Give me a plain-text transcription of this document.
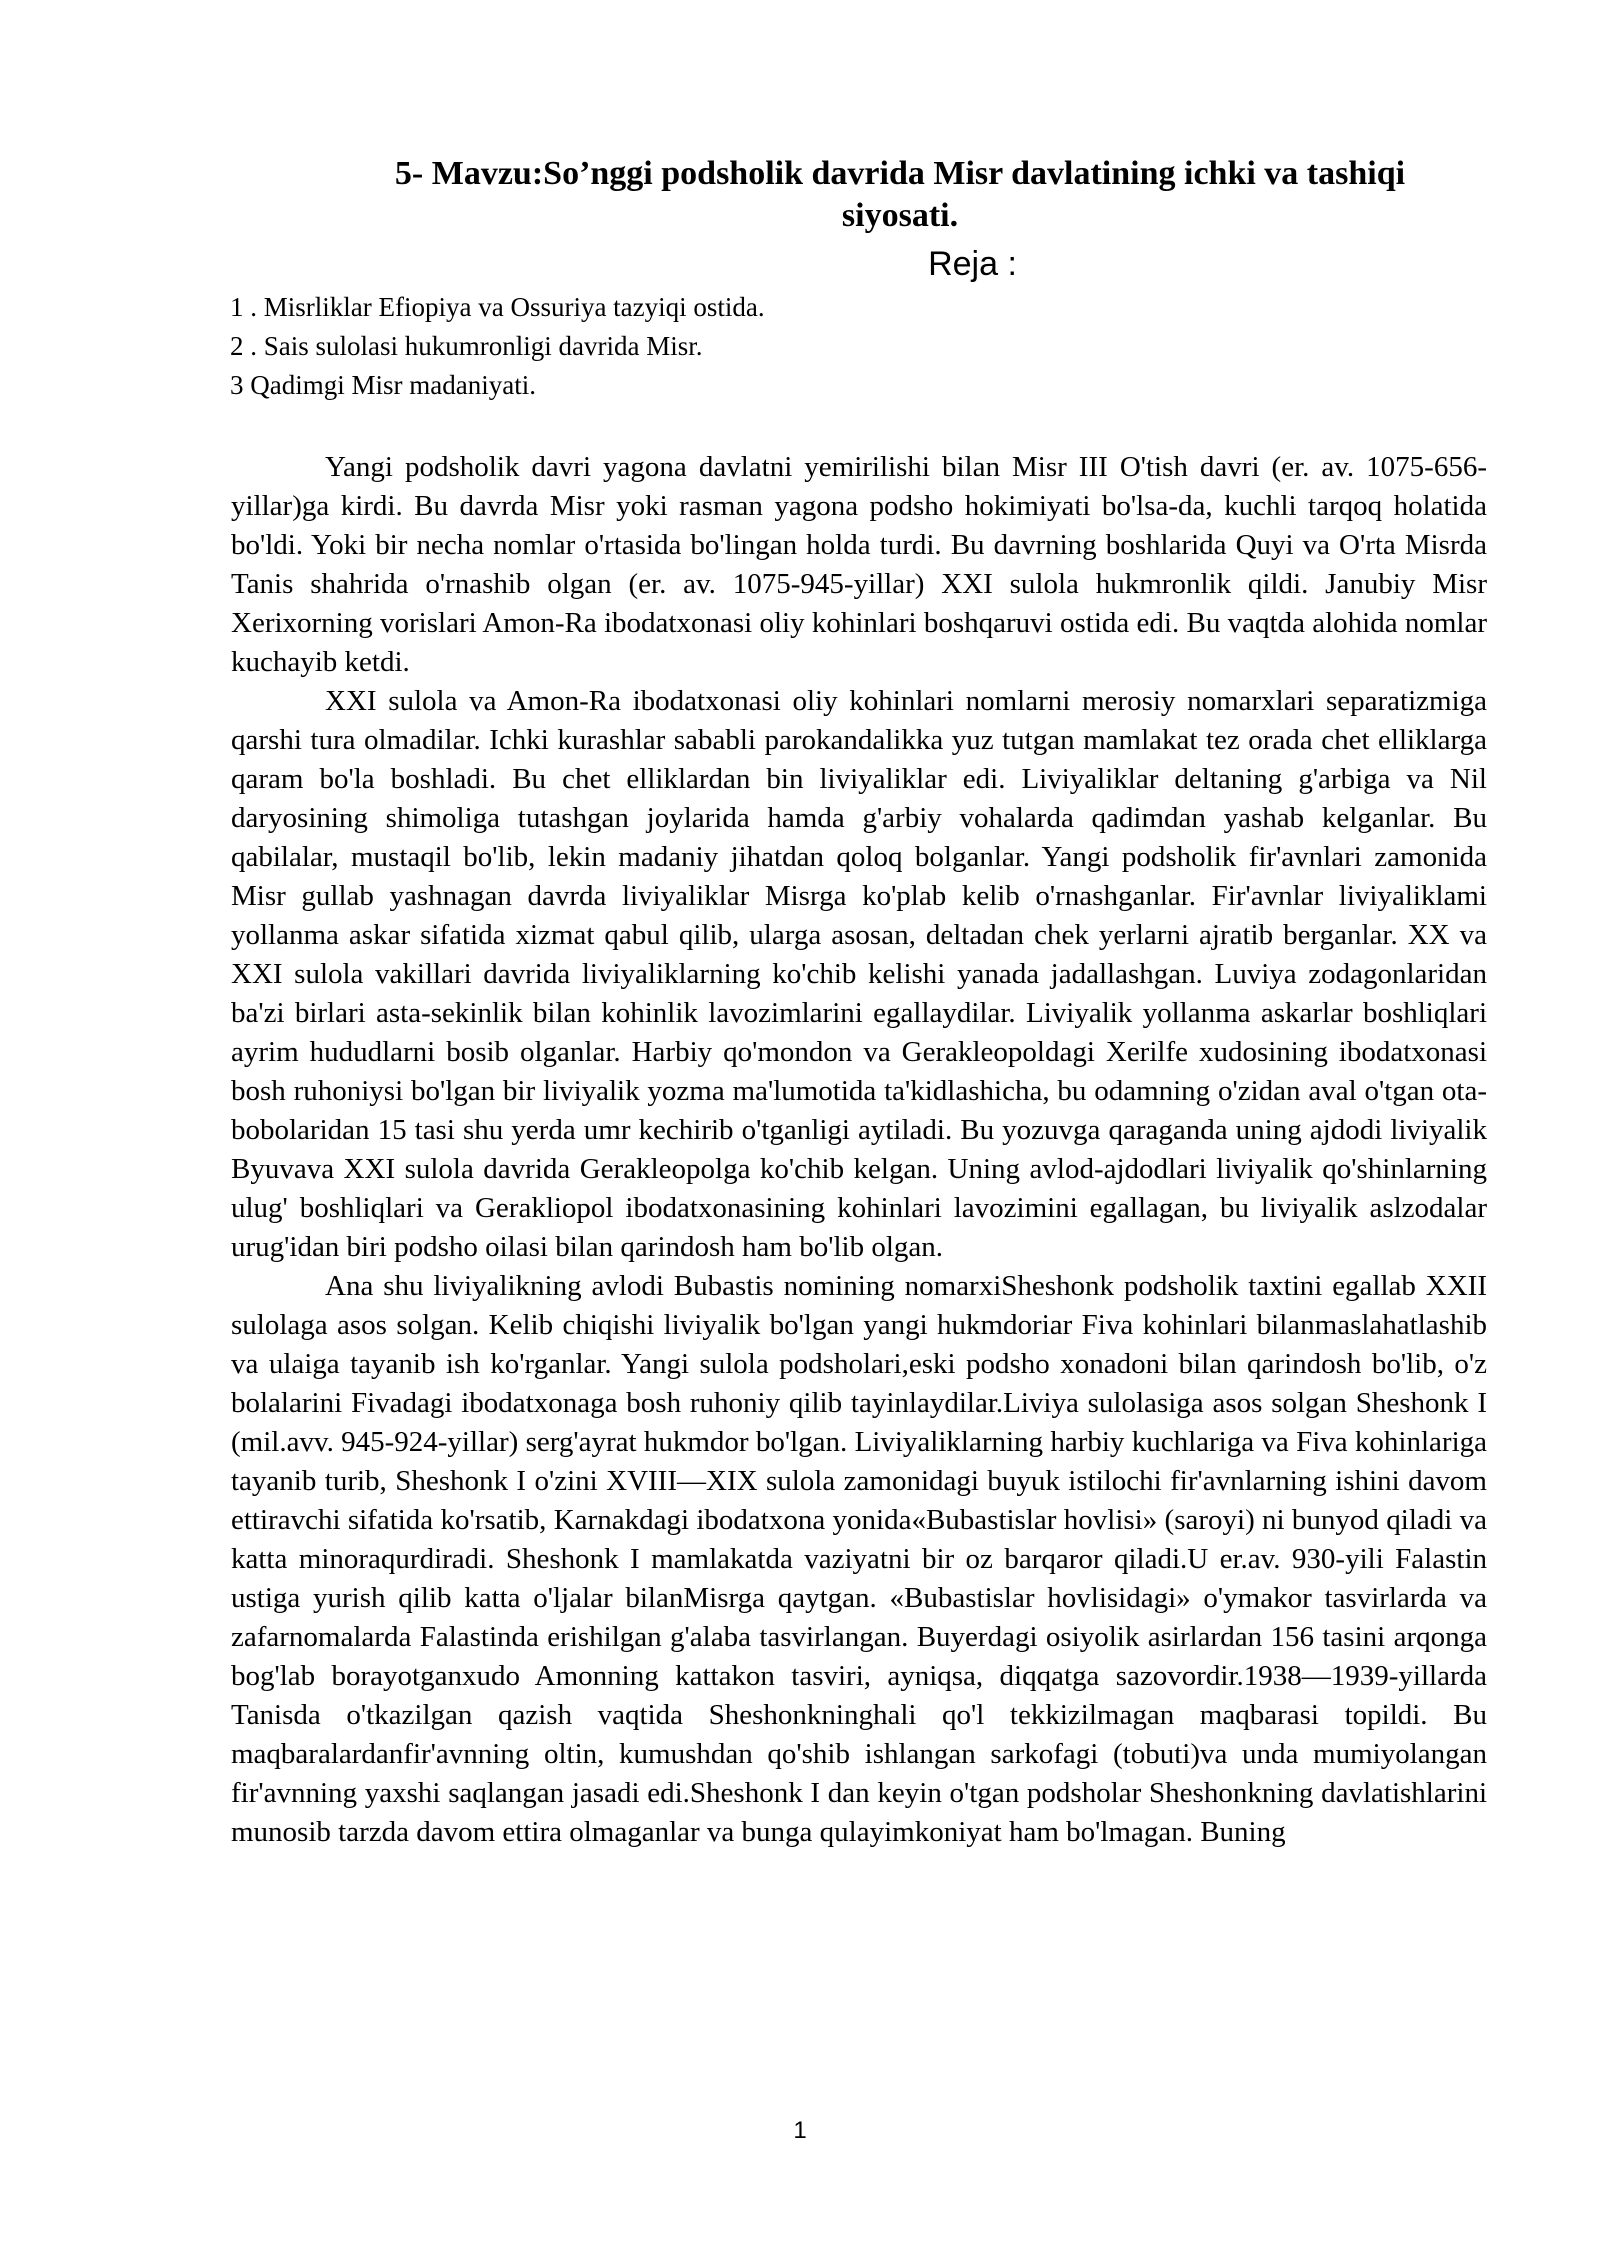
5- Mavzu:So’nggi podsholik davrida Misr davlatining ichki va tashiqi
siyosati.
Reja :
1 . Misrliklar Efiopiya va Ossuriya tazyiqi ostida.
2 . Sais sulolasi hukumronligi davrida Misr.
3 Qadimgi Misr madaniyati.

Yangi podsholik davri yagona davlatni yemirilishi bilan Misr III O'tish davri (er. av. 1075-656-yillar)ga kirdi. Bu davrda Misr yoki rasman yagona podsho hokimiyati bo'lsa-da, kuchli tarqoq holatida bo'ldi. Yoki bir necha nomlar o'rtasida bo'lingan holda turdi. Bu davrning boshlarida Quyi va O'rta Misrda Tanis shahrida o'rnashib olgan (er. av. 1075-945-yillar) XXI sulola hukmronlik qildi. Janubiy Misr Xerixorning vorislari Amon-Ra ibodatxonasi oliy kohinlari boshqaruvi ostida edi. Bu vaqtda alohida nomlar kuchayib ketdi.

XXI sulola va Amon-Ra ibodatxonasi oliy kohinlari nomlarni merosiy nomarxlari separatizmiga qarshi tura olmadilar. Ichki kurashlar sababli parokandalikka yuz tutgan mamlakat tez orada chet elliklarga qaram bo'la boshladi. Bu chet elliklardan bin liviyaliklar edi. Liviyaliklar deltaning g'arbiga va Nil daryosining shimoliga tutashgan joylarida hamda g'arbiy vohalarda qadimdan yashab kelganlar. Bu qabilalar, mustaqil bo'lib, lekin madaniy jihatdan qoloq bolganlar. Yangi podsholik fir'avnlari zamonida Misr gullab yashnagan davrda liviyaliklar Misrga ko'plab kelib o'rnashganlar. Fir'avnlar liviyaliklami yollanma askar sifatida xizmat qabul qilib, ularga asosan, deltadan chek yerlarni ajratib berganlar. XX va XXI sulola vakillari davrida liviyaliklarning ko'chib kelishi yanada jadallashgan. Luviya zodagonlaridan ba'zi birlari asta-sekinlik bilan kohinlik lavozimlarini egallaydilar. Liviyalik yollanma askarlar boshliqlari ayrim hududlarni bosib olganlar. Harbiy qo'mondon va Gerakleopoldagi Xerilfe xudosining ibodatxonasi bosh ruhoniysi bo'lgan bir liviyalik yozma ma'lumotida ta'kidlashicha, bu odamning o'zidan aval o'tgan ota-bobolaridan 15 tasi shu yerda umr kechirib o'tganligi aytiladi. Bu yozuvga qaraganda uning ajdodi liviyalik Byuvava XXI sulola davrida Gerakleopolga ko'chib kelgan. Uning avlod-ajdodlari liviyalik qo'shinlarning ulug' boshliqlari va Gerakliopol ibodatxonasining kohinlari lavozimini egallagan, bu liviyalik aslzodalar urug'idan biri podsho oilasi bilan qarindosh ham bo'lib olgan.

Ana shu liviyalikning avlodi Bubastis nomining nomarxiSheshonk podsholik taxtini egallab XXII sulolaga asos solgan. Kelib chiqishi liviyalik bo'lgan yangi hukmdoriar Fiva kohinlari bilanmaslahatlashib va ulaiga tayanib ish ko'rganlar. Yangi sulola podsholari,eski podsho xonadoni bilan qarindosh bo'lib, o'z bolalarini Fivadagi ibodatxonaga bosh ruhoniy qilib tayinlaydilar.Liviya sulolasiga asos solgan Sheshonk I (mil.avv. 945-924-yillar) serg'ayrat hukmdor bo'lgan. Liviyaliklarning harbiy kuchlariga va Fiva kohinlariga tayanib turib, Sheshonk I o'zini XVIII—XIX sulola zamonidagi buyuk istilochi fir'avnlarning ishini davom ettiravchi sifatida ko'rsatib, Karnakdagi ibodatxona yonida«Bubastislar hovlisi» (saroyi) ni bunyod qiladi va katta minoraqurdiradi. Sheshonk I mamlakatda vaziyatni bir oz barqaror qiladi.U er.av. 930-yili Falastin ustiga yurish qilib katta o'ljalar bilanMisrga qaytgan. «Bubastislar hovlisidagi» o'ymakor tasvirlarda va zafarnomalarda Falastinda erishilgan g'alaba tasvirlangan. Buyerdagi osiyolik asirlardan 156 tasini arqonga bog'lab borayotganxudo Amonning kattakon tasviri, ayniqsa, diqqatga sazovordir.1938—1939-yillarda Tanisda o'tkazilgan qazish vaqtida Sheshonkninghali qo'l tekkizilmagan maqbarasi topildi. Bu maqbaralardanfir'avnning oltin, kumushdan qo'shib ishlangan sarkofagi (tobuti)va unda mumiyolangan fir'avnning yaxshi saqlangan jasadi edi.Sheshonk I dan keyin o'tgan podsholar Sheshonkning davlatishlarini munosib tarzda davom ettira olmaganlar va bunga qulayimkoniyat ham bo'lmagan. Buning

1
